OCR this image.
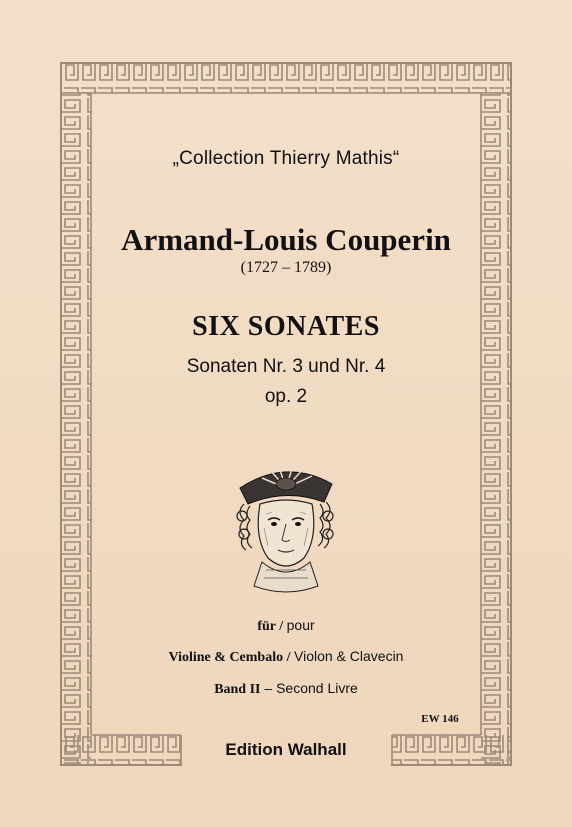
„Collection Thierry Mathis“
Armand-Louis Couperin
(1727 – 1789)
SIX SONATES
Sonaten Nr. 3 und Nr. 4
op. 2
für / pour
Violine & Cembalo / Violon & Clavecin
Band II – Second Livre
EW 146
Edition Walhall
